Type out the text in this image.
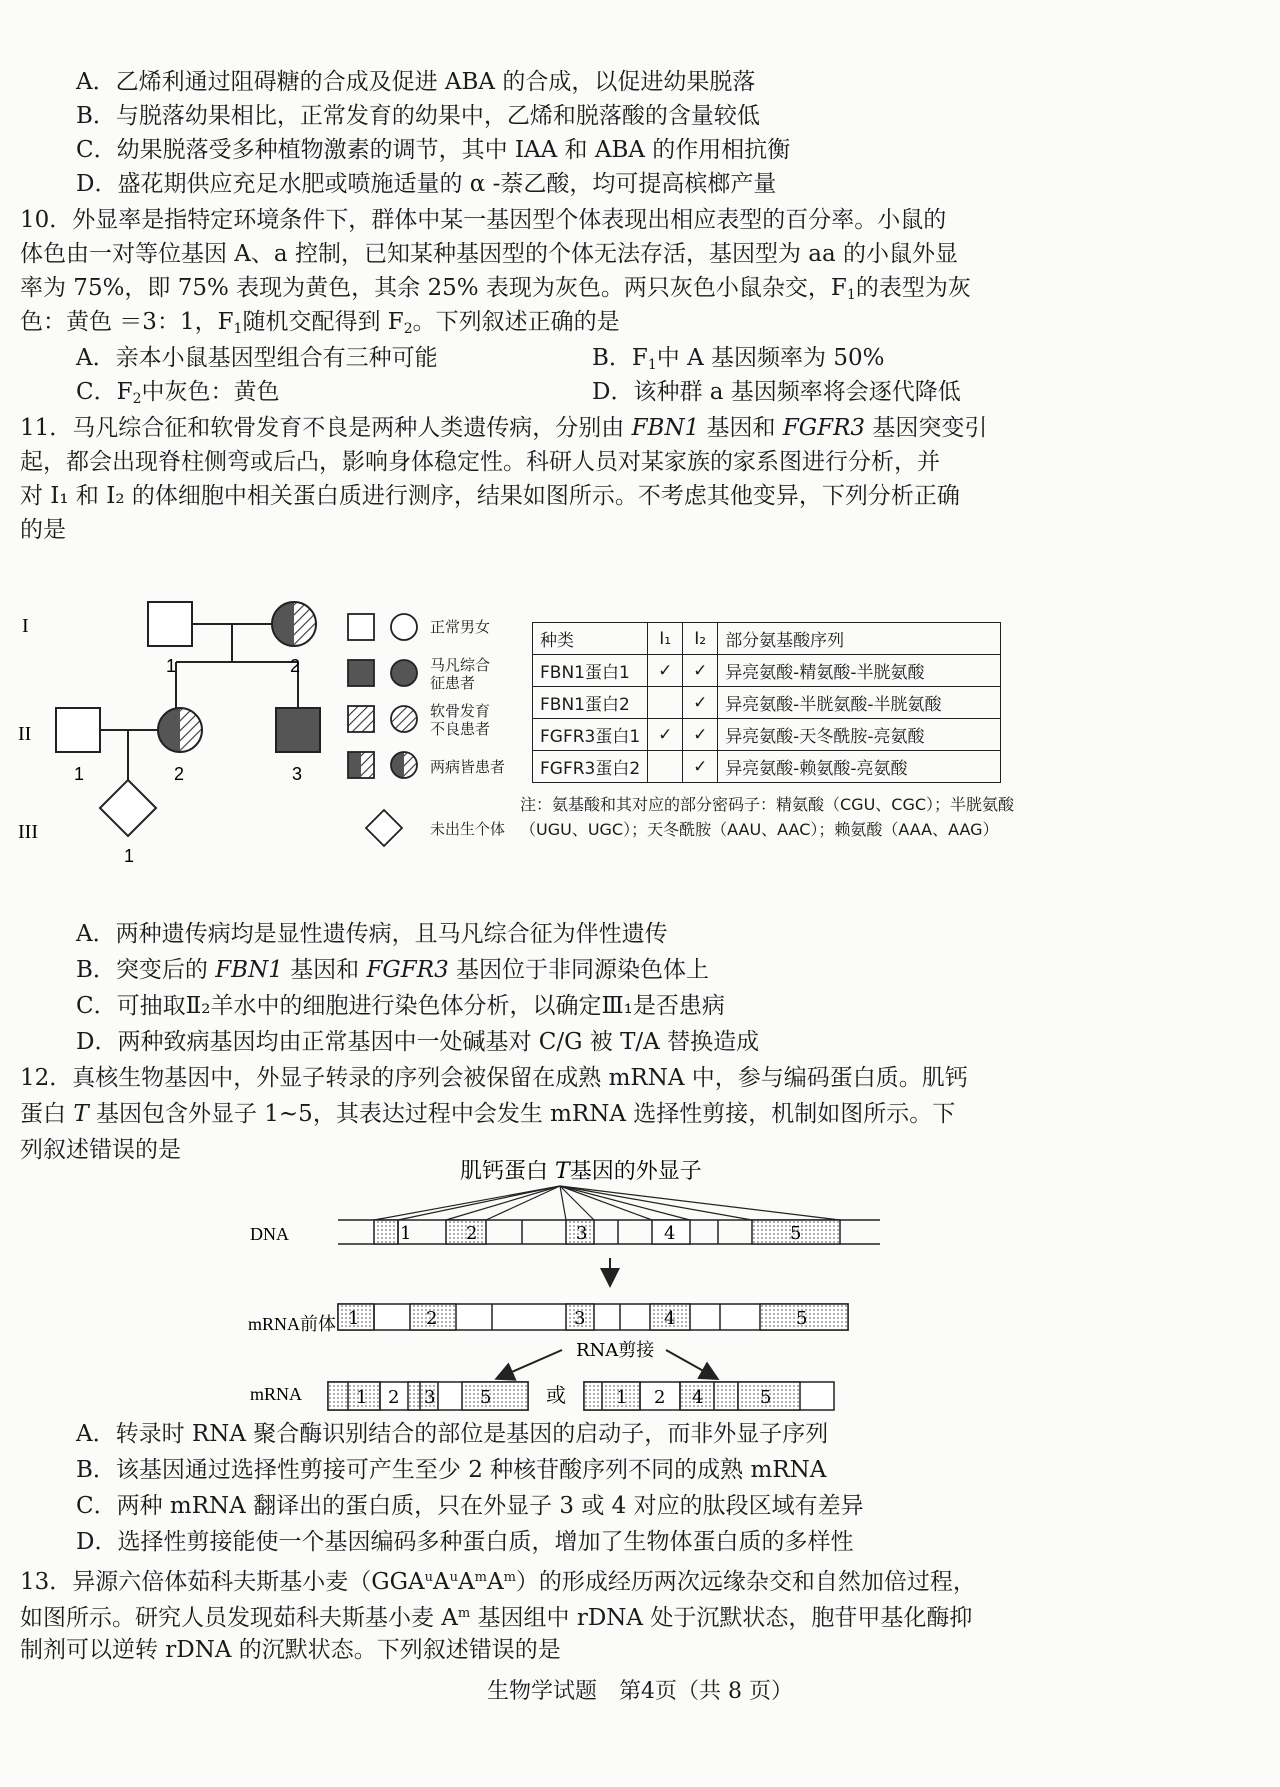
A．乙烯利通过阻碍糖的合成及促进 ABA 的合成，以促进幼果脱落
B．与脱落幼果相比，正常发育的幼果中，乙烯和脱落酸的含量较低
C．幼果脱落受多种植物激素的调节，其中 IAA 和 ABA 的作用相抗衡
D．盛花期供应充足水肥或喷施适量的 α -萘乙酸，均可提高槟榔产量
10．外显率是指特定环境条件下，群体中某一基因型个体表现出相应表型的百分率。小鼠的
体色由一对等位基因 A、a 控制，已知某种基因型的个体无法存活，基因型为 aa 的小鼠外显
率为 75%，即 75% 表现为黄色，其余 25% 表现为灰色。两只灰色小鼠杂交，$F_1$的表型为灰
色：黄色 ＝3：1，$F_1$随机交配得到 $F_2$。下列叙述正确的是
A．亲本小鼠基因型组合有三种可能	B．$F_1$中 A 基因频率为 50%
C．$F_2$中灰色：黄色	D．该种群 a 基因频率将会逐代降低
11．马凡综合征和软骨发育不良是两种人类遗传病，分别由 FBN1 基因和 FGFR3 基因突变引
起，都会出现脊柱侧弯或后凸，影响身体稳定性。科研人员对某家族的家系图进行分析，并
对 I₁ 和 I₂ 的体细胞中相关蛋白质进行测序，结果如图所示。不考虑其他变异，下列分析正确
的是
I
II
III
1	2
1	2	3
1
正常男女
马凡综合征患者
软骨发育不良患者
两病皆患者
未出生个体
种类	I₁	I₂	部分氨基酸序列
FBN1蛋白1	✓	✓	异亮氨酸-精氨酸-半胱氨酸
FBN1蛋白2		✓	异亮氨酸-半胱氨酸-半胱氨酸
FGFR3蛋白1	✓	✓	异亮氨酸-天冬酰胺-亮氨酸
FGFR3蛋白2		✓	异亮氨酸-赖氨酸-亮氨酸
注：氨基酸和其对应的部分密码子：精氨酸（CGU、CGC）；半胱氨酸（UGU、UGC）；天冬酰胺（AAU、AAC）；赖氨酸（AAA、AAG）
A．两种遗传病均是显性遗传病，且马凡综合征为伴性遗传
B．突变后的 FBN1 基因和 FGFR3 基因位于非同源染色体上
C．可抽取Ⅱ₂羊水中的细胞进行染色体分析，以确定Ⅲ₁是否患病
D．两种致病基因均由正常基因中一处碱基对 C/G 被 T/A 替换造成
12．真核生物基因中，外显子转录的序列会被保留在成熟 mRNA 中，参与编码蛋白质。肌钙
蛋白 T 基因包含外显子 1~5，其表达过程中会发生 mRNA 选择性剪接，机制如图所示。下
列叙述错误的是
肌钙蛋白 T基因的外显子
DNA
mRNA前体
mRNA
1	2	3	4	5
1	2	3	4	5
RNA剪接
1 2 3 5	或	1 2 4	5
A．转录时 RNA 聚合酶识别结合的部位是基因的启动子，而非外显子序列
B．该基因通过选择性剪接可产生至少 2 种核苷酸序列不同的成熟 mRNA
C．两种 mRNA 翻译出的蛋白质，只在外显子 3 或 4 对应的肽段区域有差异
D．选择性剪接能使一个基因编码多种蛋白质，增加了生物体蛋白质的多样性
13．异源六倍体茹科夫斯基小麦$(GGA^uA^uA^mA^m)$的形成经历两次远缘杂交和自然加倍过程，
如图所示。研究人员发现茹科夫斯基小麦 $A^m$ 基因组中 rDNA 处于沉默状态，胞苷甲基化酶抑
制剂可以逆转 rDNA 的沉默状态。下列叙述错误的是
生物学试题　第4页（共 8 页）
